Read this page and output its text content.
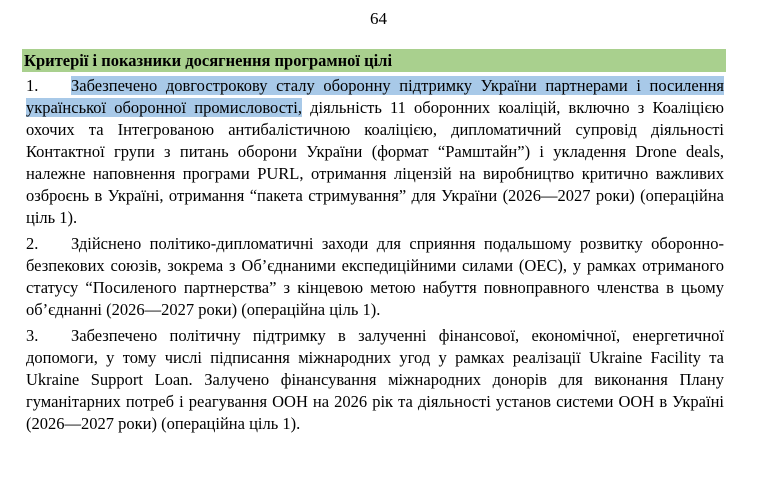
64
Критерії і показники досягнення програмної цілі

1. Забезпечено довгострокову сталу оборонну підтримку України партнерами і посилення української оборонної промисловості, діяльність 11 оборонних коаліцій, включно з Коаліцією охочих та Інтегрованою антибалістичною коаліцією, дипломатичний супровід діяльності Контактної групи з питань оборони України (формат “Рамштайн”) і укладення Drone deals, належне наповнення програми PURL, отримання ліцензій на виробництво критично важливих озброєнь в Україні, отримання “пакета стримування” для України (2026—2027 роки) (операційна ціль 1).

2. Здійснено політико-дипломатичні заходи для сприяння подальшому розвитку оборонно-безпекових союзів, зокрема з Об’єднаними експедиційними силами (ОЕС), у рамках отриманого статусу “Посиленого партнерства” з кінцевою метою набуття повноправного членства в цьому об’єднанні (2026—2027 роки) (операційна ціль 1).

3. Забезпечено політичну підтримку в залученні фінансової, економічної, енергетичної допомоги, у тому числі підписання міжнародних угод у рамках реалізації Ukraine Facility та Ukraine Support Loan. Залучено фінансування міжнародних донорів для виконання Плану гуманітарних потреб і реагування ООН на 2026 рік та діяльності установ системи ООН в Україні (2026—2027 роки) (операційна ціль 1).
